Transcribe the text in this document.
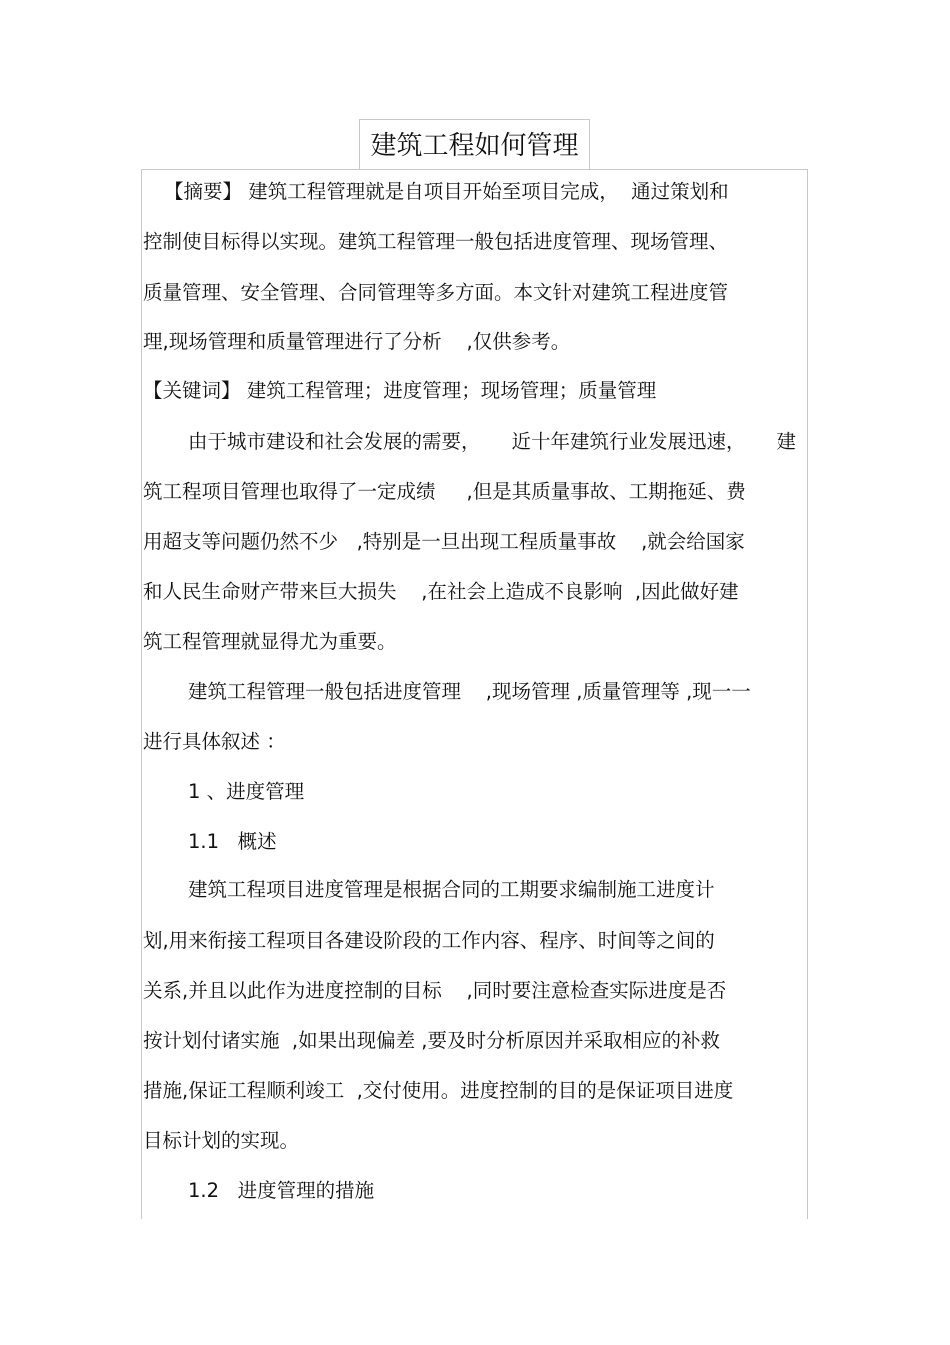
建筑工程如何管理
【摘要】 建筑工程管理就是自项目开始至项目完成，  通过策划和
控制使目标得以实现。建筑工程管理一般包括进度管理、现场管理、
质量管理、安全管理、合同管理等多方面。本文针对建筑工程进度管
理,现场管理和质量管理进行了分析    ,仅供参考。
【关键词】 建筑工程管理；进度管理；现场管理；质量管理
由于城市建设和社会发展的需要，     近十年建筑行业发展迅速，     建
筑工程项目管理也取得了一定成绩     ,但是其质量事故、工期拖延、费
用超支等问题仍然不少   ,特别是一旦出现工程质量事故    ,就会给国家
和人民生命财产带来巨大损失    ,在社会上造成不良影响  ,因此做好建
筑工程管理就显得尤为重要。
建筑工程管理一般包括进度管理    ,现场管理 ,质量管理等 ,现一一
进行具体叙述 ：
1 、进度管理
1.1   概述
建筑工程项目进度管理是根据合同的工期要求编制施工进度计
划,用来衔接工程项目各建设阶段的工作内容、程序、时间等之间的
关系,并且以此作为进度控制的目标    ,同时要注意检查实际进度是否
按计划付诸实施  ,如果出现偏差 ,要及时分析原因并采取相应的补救
措施,保证工程顺利竣工  ,交付使用。进度控制的目的是保证项目进度
目标计划的实现。
1.2   进度管理的措施
